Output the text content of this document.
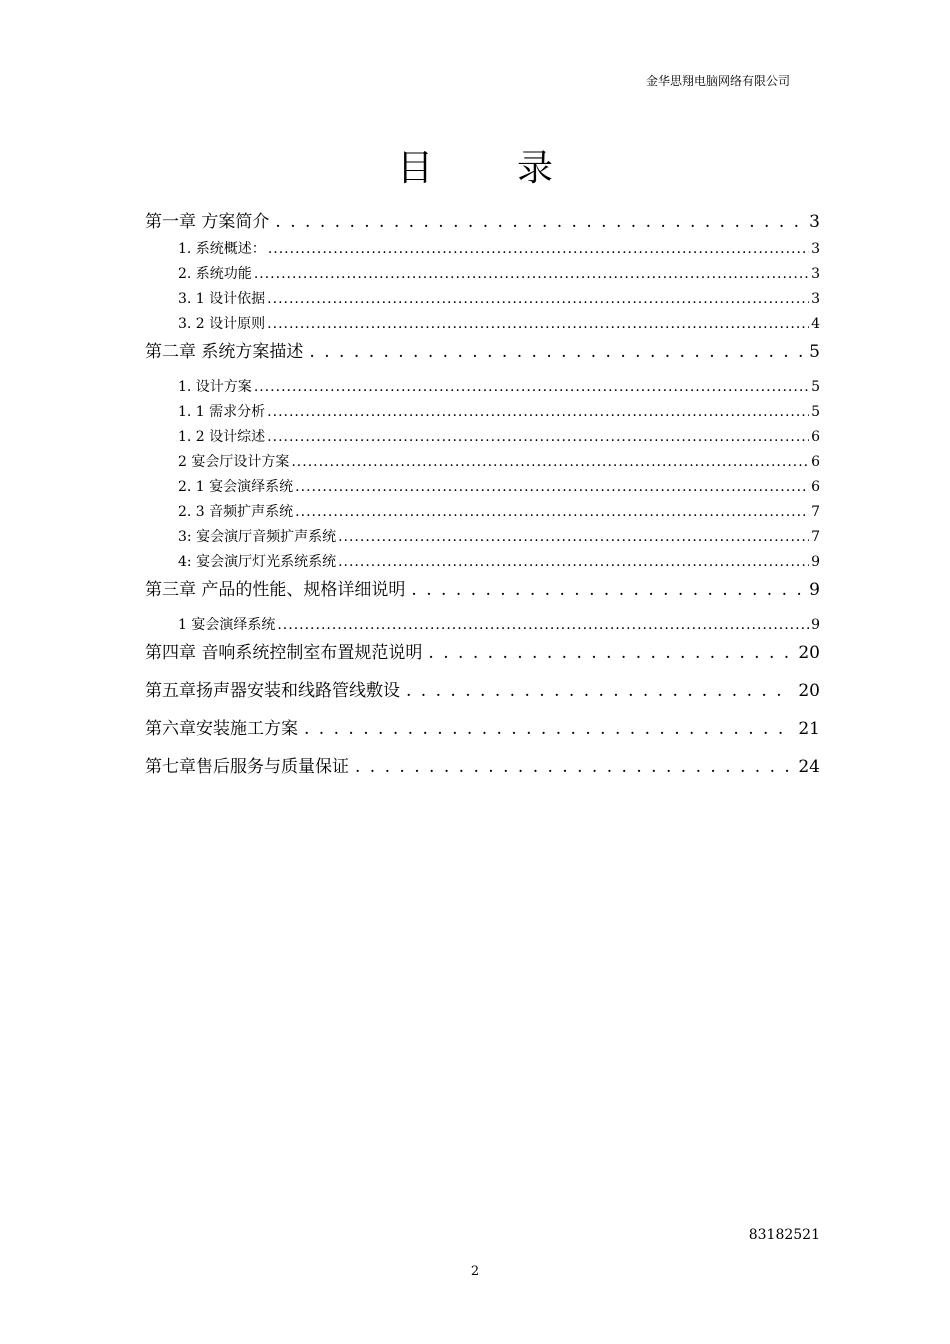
金华思翔电脑网络有限公司
目 录
第一章 方案简介 . . .	3
1. 系统概述： .....	3
2. 系统功能 .....	3
3. 1 设计依据 .....	3
3. 2 设计原则 .....	4
第二章 系统方案描述 . . .	5
1. 设计方案 .....	5
1. 1 需求分析 .....	5
1. 2 设计综述 .....	6
2 宴会厅设计方案 .....	6
2. 1 宴会演绎系统 .....	6
2. 3 音频扩声系统 .....	7
3: 宴会演厅音频扩声系统 .....	7
4: 宴会演厅灯光系统系统 .....	9
第三章 产品的性能、规格详细说明 . . .	9
1 宴会演绎系统 .....	9
第四章 音响系统控制室布置规范说明 . . .	20
第五章扬声器安装和线路管线敷设 . . .	20
第六章安装施工方案 . . .	21
第七章售后服务与质量保证 . . .	24
83182521
2
